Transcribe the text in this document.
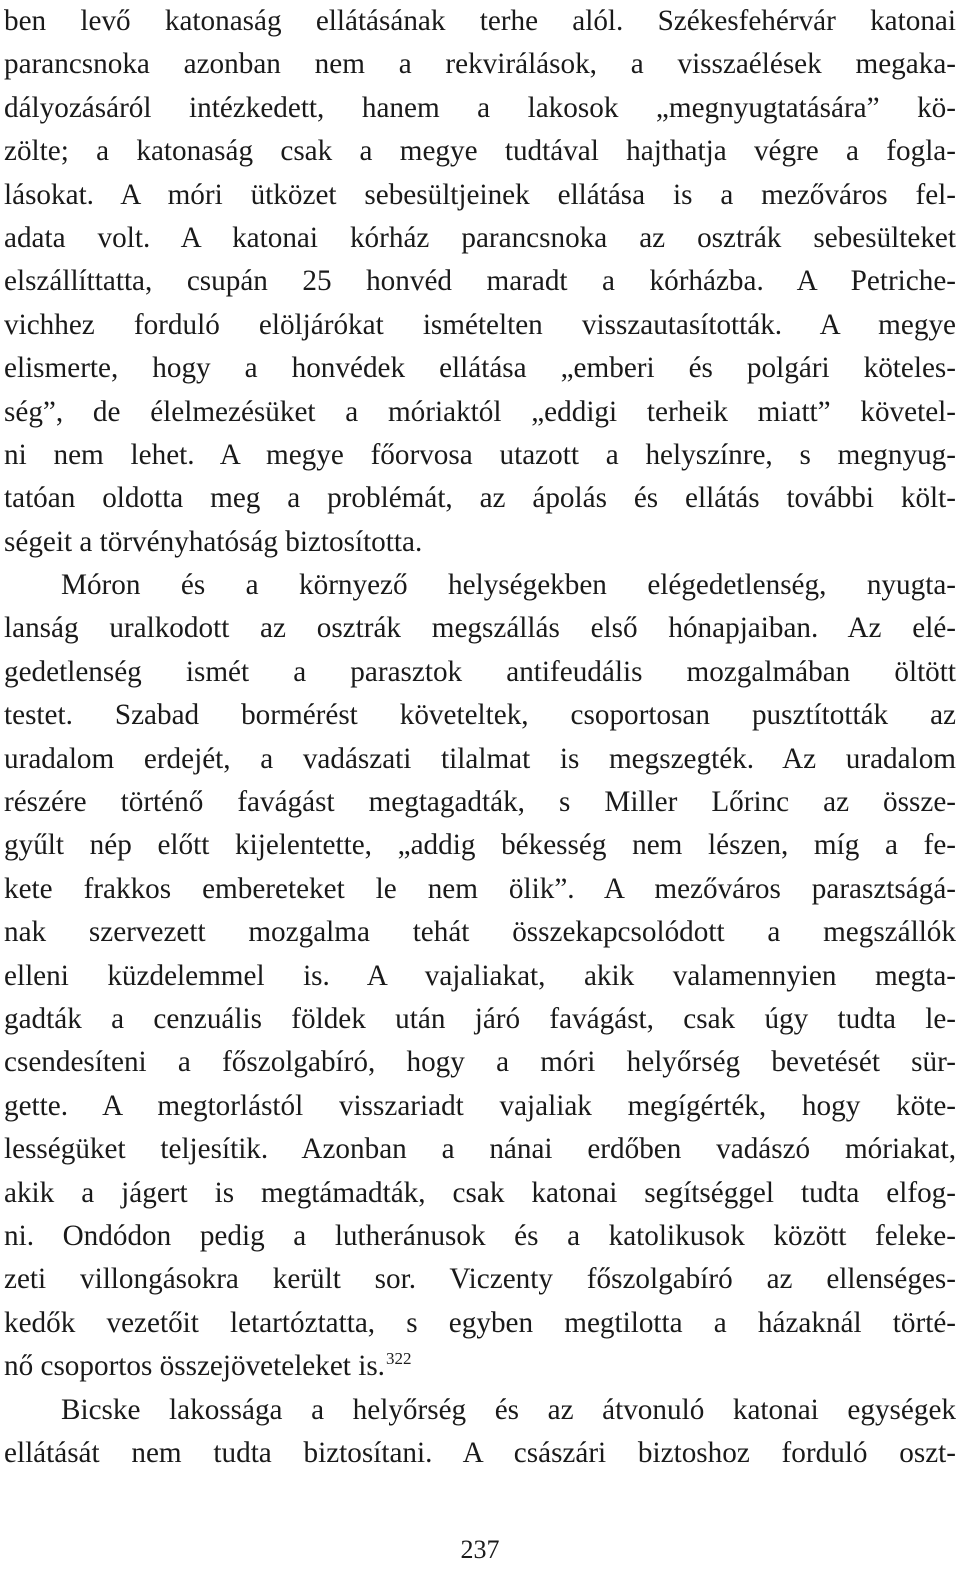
ben levő katonaság ellátásának terhe alól. Székesfehérvár katonai
parancsnoka azonban nem a rekvirálások, a visszaélések megaka-
dályozásáról intézkedett, hanem a lakosok „megnyugtatására” kö-
zölte; a katonaság csak a megye tudtával hajthatja végre a fogla-
lásokat. A móri ütközet sebesültjeinek ellátása is a mezőváros fel-
adata volt. A katonai kórház parancsnoka az osztrák sebesülteket
elszállíttatta, csupán 25 honvéd maradt a kórházba. A Petriche-
vichhez forduló elöljárókat ismételten visszautasították. A megye
elismerte, hogy a honvédek ellátása „emberi és polgári köteles-
ség”, de élelmezésüket a móriaktól „eddigi terheik miatt” követel-
ni nem lehet. A megye főorvosa utazott a helyszínre, s megnyug-
tatóan oldotta meg a problémát, az ápolás és ellátás további költ-
ségeit a törvényhatóság biztosította.
Móron és a környező helységekben elégedetlenség, nyugta-
lanság uralkodott az osztrák megszállás első hónapjaiban. Az elé-
gedetlenség ismét a parasztok antifeudális mozgalmában öltött
testet. Szabad bormérést követeltek, csoportosan pusztították az
uradalom erdejét, a vadászati tilalmat is megszegték. Az uradalom
részére történő favágást megtagadták, s Miller Lőrinc az össze-
gyűlt nép előtt kijelentette, „addig békesség nem lészen, míg a fe-
kete frakkos embereteket le nem ölik”. A mezőváros parasztságá-
nak szervezett mozgalma tehát összekapcsolódott a megszállók
elleni küzdelemmel is. A vajaliakat, akik valamennyien megta-
gadták a cenzuális földek után járó favágást, csak úgy tudta le-
csendesíteni a főszolgabíró, hogy a móri helyőrség bevetését sür-
gette. A megtorlástól visszariadt vajaliak megígérték, hogy köte-
lességüket teljesítik. Azonban a nánai erdőben vadászó móriakat,
akik a jágert is megtámadták, csak katonai segítséggel tudta elfog-
ni. Ondódon pedig a lutheránusok és a katolikusok között feleke-
zeti villongásokra került sor. Viczenty főszolgabíró az ellenséges-
kedők vezetőit letartóztatta, s egyben megtilotta a házaknál törté-
nő csoportos összejöveteleket is.$^{322}$
Bicske lakossága a helyőrség és az átvonuló katonai egységek
ellátását nem tudta biztosítani. A császári biztoshoz forduló oszt-
237
